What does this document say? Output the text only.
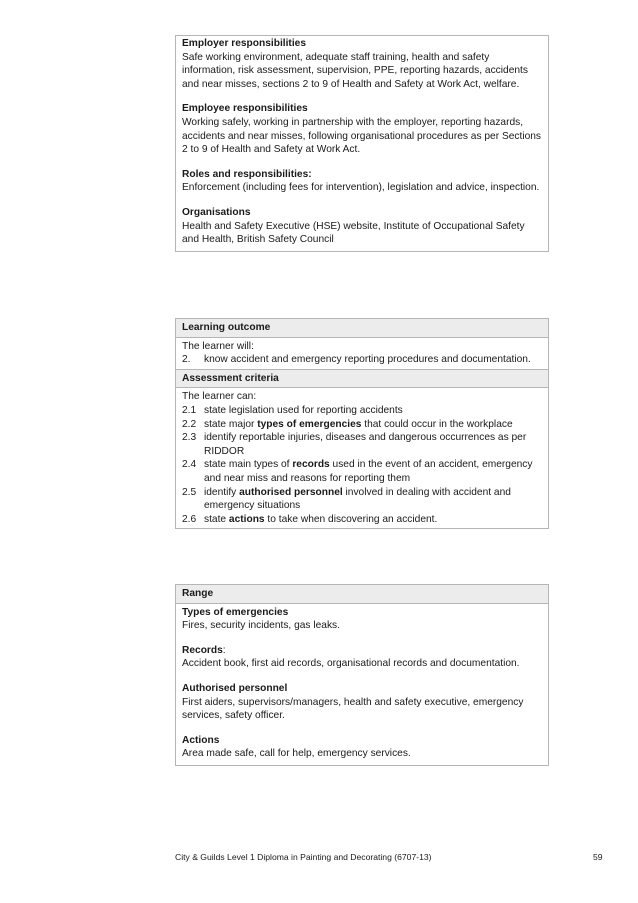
Employer responsibilities

Safe working environment, adequate staff training, health and safety information, risk assessment, supervision, PPE, reporting hazards, accidents and near misses, sections 2 to 9 of Health and Safety at Work Act, welfare.

Employee responsibilities

Working safely, working in partnership with the employer, reporting hazards, accidents and near misses, following organisational procedures as per Sections 2 to 9 of Health and Safety at Work Act.

Roles and responsibilities:

Enforcement (including fees for intervention), legislation and advice, inspection.

Organisations

Health and Safety Executive (HSE) website, Institute of Occupational Safety and Health, British Safety Council

Learning outcome

The learner will:

2.	know accident and emergency reporting procedures and documentation.
Assessment criteria

The learner can:

2.1 state legislation used for reporting accidents
2.2 state major types of emergencies that could occur in the workplace
2.3 identify reportable injuries, diseases and dangerous occurrences as per RIDDOR
2.4 state main types of records used in the event of an accident, emergency and near miss and reasons for reporting them
2.5 identify authorised personnel involved in dealing with accident and emergency situations
2.6 state actions to take when discovering an accident.
Range

Types of emergencies

Fires, security incidents, gas leaks.

Records:

Accident book, first aid records, organisational records and documentation.

Authorised personnel

First aiders, supervisors/managers, health and safety executive, emergency services, safety officer.

Actions

Area made safe, call for help, emergency services.

City & Guilds Level 1 Diploma in Painting and Decorating (6707-13)	59
